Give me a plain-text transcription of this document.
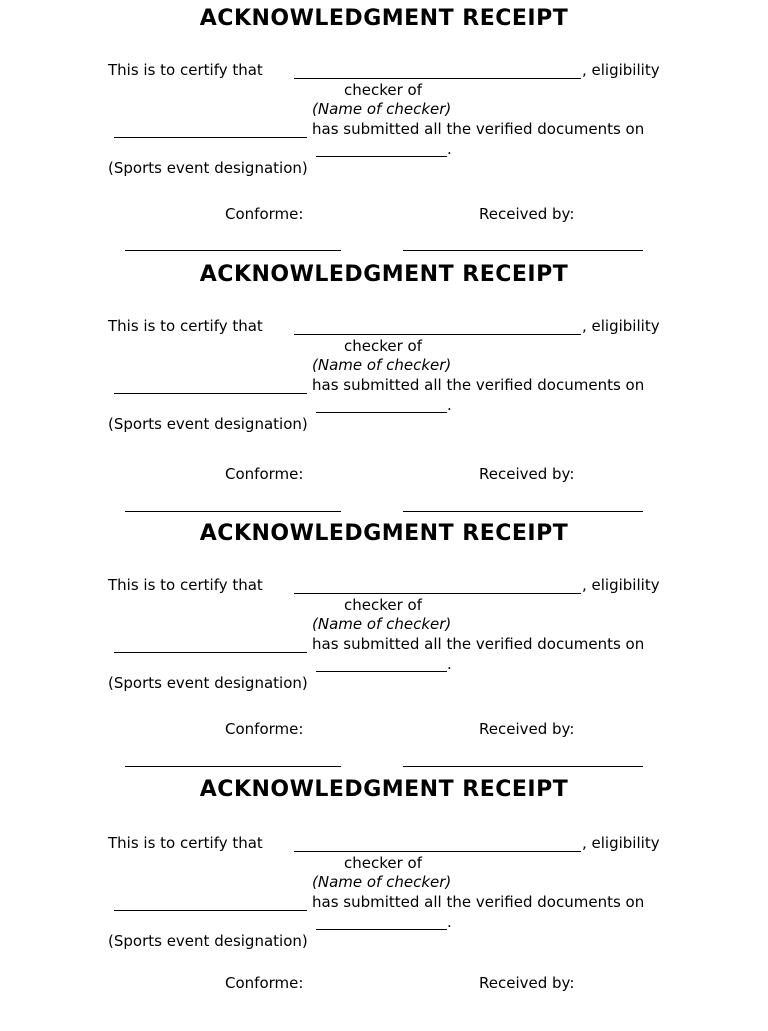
ACKNOWLEDGMENT RECEIPT
This is to certify that	, eligibility
checker of
(Name of checker)
has submitted all the verified documents on
.
(Sports event designation)
Conforme:	Received by:
ACKNOWLEDGMENT RECEIPT
This is to certify that	, eligibility
checker of
(Name of checker)
has submitted all the verified documents on
.
(Sports event designation)
Conforme:	Received by:
ACKNOWLEDGMENT RECEIPT
This is to certify that	, eligibility
checker of
(Name of checker)
has submitted all the verified documents on
.
(Sports event designation)
Conforme:	Received by:
ACKNOWLEDGMENT RECEIPT
This is to certify that	, eligibility
checker of
(Name of checker)
has submitted all the verified documents on
.
(Sports event designation)
Conforme:	Received by:
